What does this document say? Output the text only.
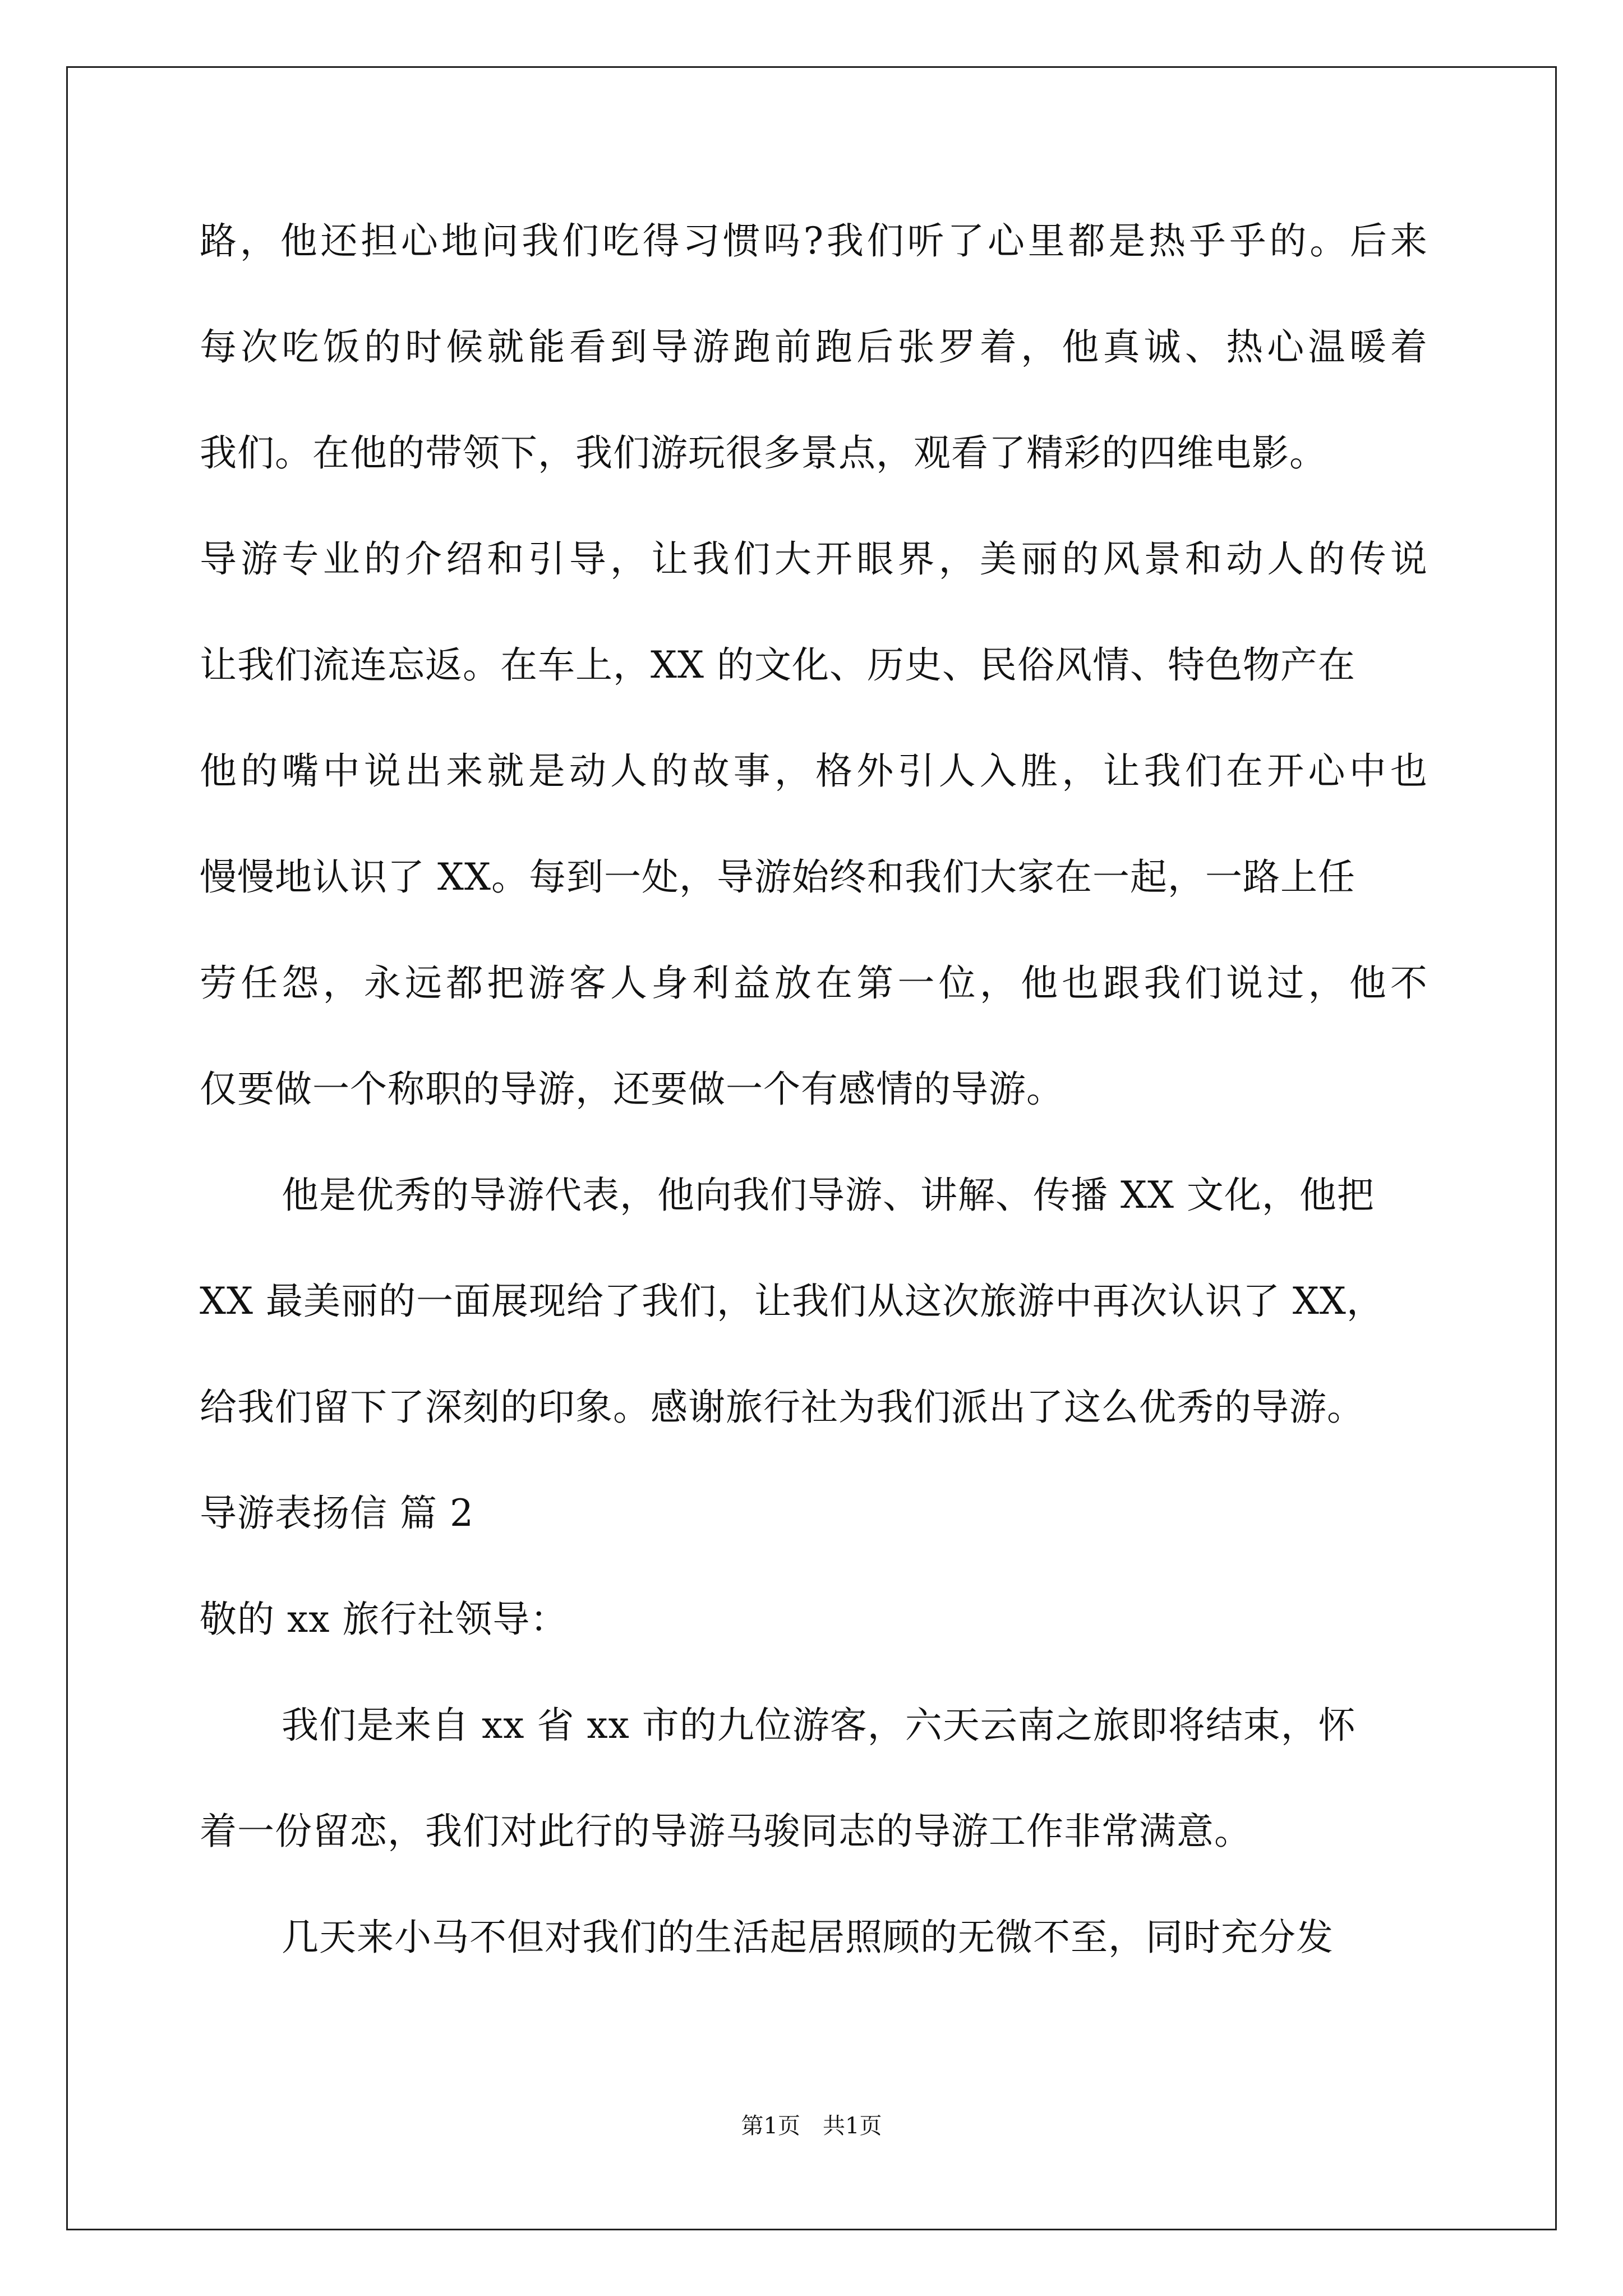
路 ， 他 还 担 心 地 问 我 们 吃 得 习 惯 吗 ? 我 们 听 了 心 里 都 是 热 乎 乎 的 。 后 来
每 次 吃 饭 的 时 候 就 能 看 到 导 游 跑 前 跑 后 张 罗 着 ， 他 真 诚 、 热 心 温 暖 着
我们。在他的带领下，我们游玩很多景点，观看了精彩的四维电影。
导 游 专 业 的 介 绍 和 引 导 ， 让 我 们 大 开 眼 界 ， 美 丽 的 风 景 和 动 人 的 传 说
让我们流连忘返。在车上，XX 的文化、历史、民俗风情、特色物产在
他 的 嘴 中 说 出 来 就 是 动 人 的 故 事 ， 格 外 引 人 入 胜 ， 让 我 们 在 开 心 中 也
慢慢地认识了 XX。每到一处，导游始终和我们大家在一起，一路上任
劳 任 怨 ， 永 远 都 把 游 客 人 身 利 益 放 在 第 一 位 ， 他 也 跟 我 们 说 过 ， 他 不
仅要做一个称职的导游，还要做一个有感情的导游。
他是优秀的导游代表，他向我们导游、讲解、传播 XX 文化，他把
XX 最美丽的一面展现给了我们，让我们从这次旅游中再次认识了 XX，
给我们留下了深刻的印象。感谢旅行社为我们派出了这么优秀的导游。
导游表扬信 篇 2
敬的 xx 旅行社领导：
我们是来自 xx 省 xx 市的九位游客，六天云南之旅即将结束，怀
着一份留恋，我们对此行的导游马骏同志的导游工作非常满意。
几天来小马不但对我们的生活起居照顾的无微不至，同时充分发
第1页 共1页
